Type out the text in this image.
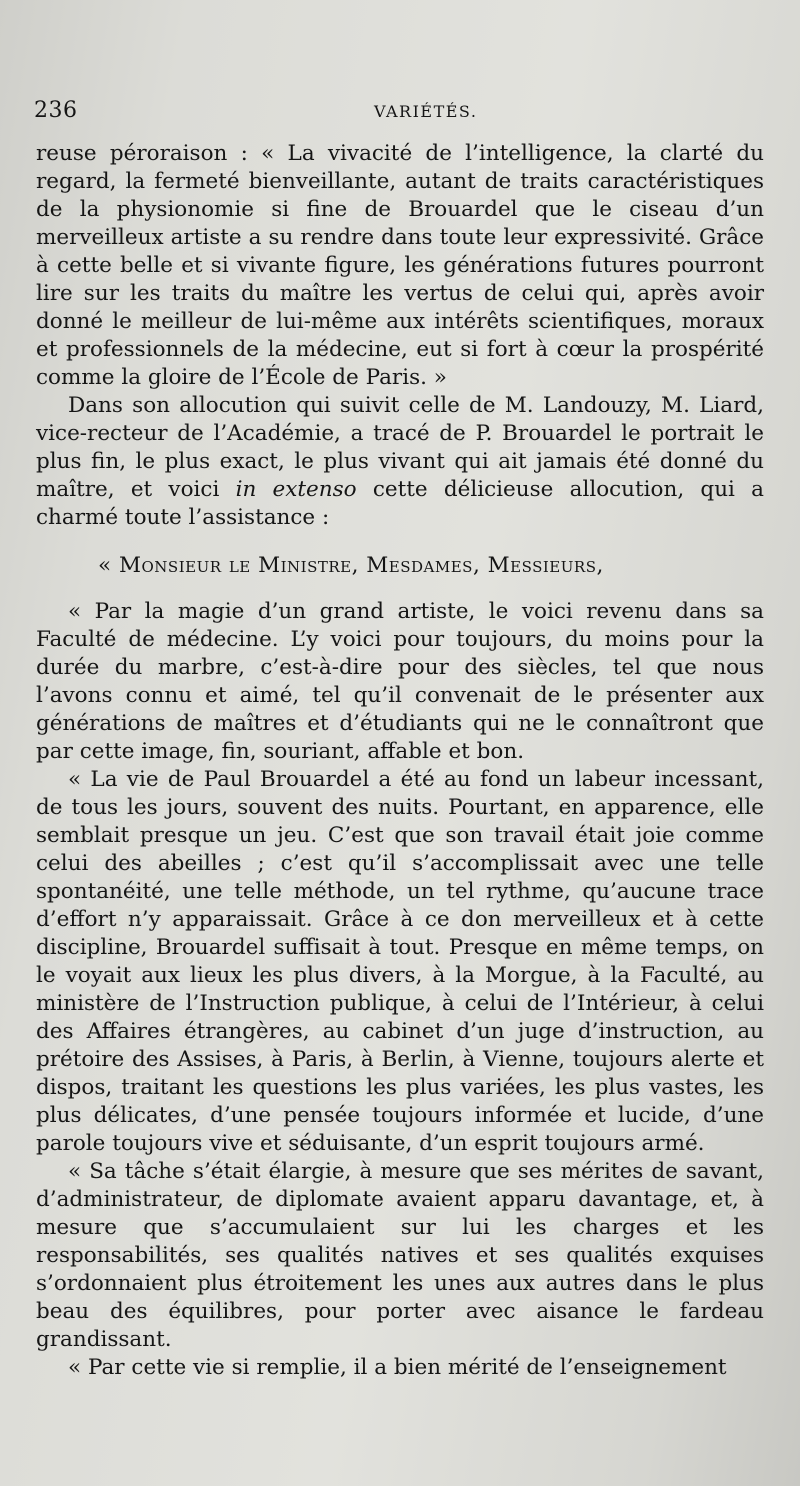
236	VARIÉTÉS.

reuse péroraison : « La vivacité de l’intelligence, la clarté du regard, la fermeté bienveillante, autant de traits caractéristiques de la physionomie si fine de Brouardel que le ciseau d’un merveilleux artiste a su rendre dans toute leur expressivité. Grâce à cette belle et si vivante figure, les générations futures pourront lire sur les traits du maître les vertus de celui qui, après avoir donné le meilleur de lui-même aux intérêts scientifiques, moraux et professionnels de la médecine, eut si fort à cœur la prospérité comme la gloire de l’École de Paris. »

Dans son allocution qui suivit celle de M. Landouzy, M. Liard, vice-recteur de l’Académie, a tracé de P. Brouardel le portrait le plus fin, le plus exact, le plus vivant qui ait jamais été donné du maître, et voici in extenso cette délicieuse allocution, qui a charmé toute l’assistance :

« Monsieur le Ministre, Mesdames, Messieurs,

« Par la magie d’un grand artiste, le voici revenu dans sa Faculté de médecine. L’y voici pour toujours, du moins pour la durée du marbre, c’est-à-dire pour des siècles, tel que nous l’avons connu et aimé, tel qu’il convenait de le présenter aux générations de maîtres et d’étudiants qui ne le connaîtront que par cette image, fin, souriant, affable et bon.

« La vie de Paul Brouardel a été au fond un labeur incessant, de tous les jours, souvent des nuits. Pourtant, en apparence, elle semblait presque un jeu. C’est que son travail était joie comme celui des abeilles ; c’est qu’il s’accomplissait avec une telle spontanéité, une telle méthode, un tel rythme, qu’aucune trace d’effort n’y apparaissait. Grâce à ce don merveilleux et à cette discipline, Brouardel suffisait à tout. Presque en même temps, on le voyait aux lieux les plus divers, à la Morgue, à la Faculté, au ministère de l’Instruction publique, à celui de l’Intérieur, à celui des Affaires étrangères, au cabinet d’un juge d’instruction, au prétoire des Assises, à Paris, à Berlin, à Vienne, toujours alerte et dispos, traitant les questions les plus variées, les plus vastes, les plus délicates, d’une pensée toujours informée et lucide, d’une parole toujours vive et séduisante, d’un esprit toujours armé.

« Sa tâche s’était élargie, à mesure que ses mérites de savant, d’administrateur, de diplomate avaient apparu davantage, et, à mesure que s’accumulaient sur lui les charges et les responsabilités, ses qualités natives et ses qualités exquises s’ordonnaient plus étroitement les unes aux autres dans le plus beau des équilibres, pour porter avec aisance le fardeau grandissant.

« Par cette vie si remplie, il a bien mérité de l’enseignement
